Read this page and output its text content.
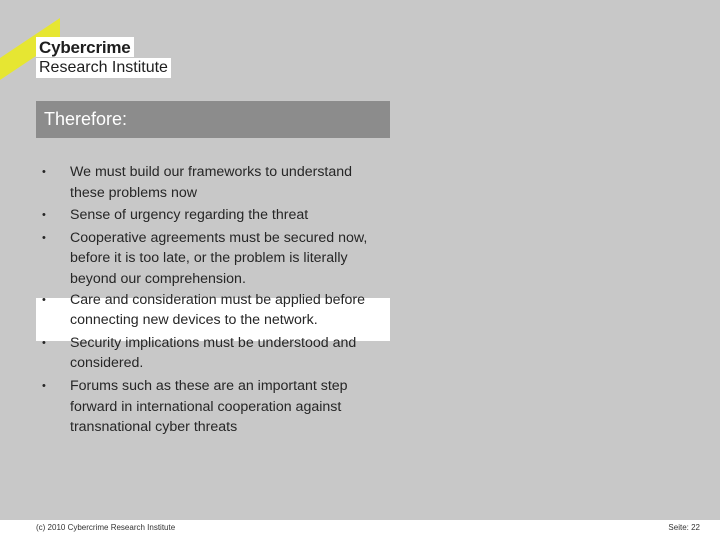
Cybercrime
Research Institute
Therefore:
• We must build our frameworks to understand these problems now
• Sense of urgency regarding the threat
• Cooperative agreements must be secured now, before it is too late, or the problem is literally beyond our comprehension.
• Care and consideration must be applied before connecting new devices to the network.
• Security implications must be understood and considered.
• Forums such as these are an important step forward in international cooperation against transnational cyber threats
(c) 2010 Cybercrime Research Institute	Seite: 22
